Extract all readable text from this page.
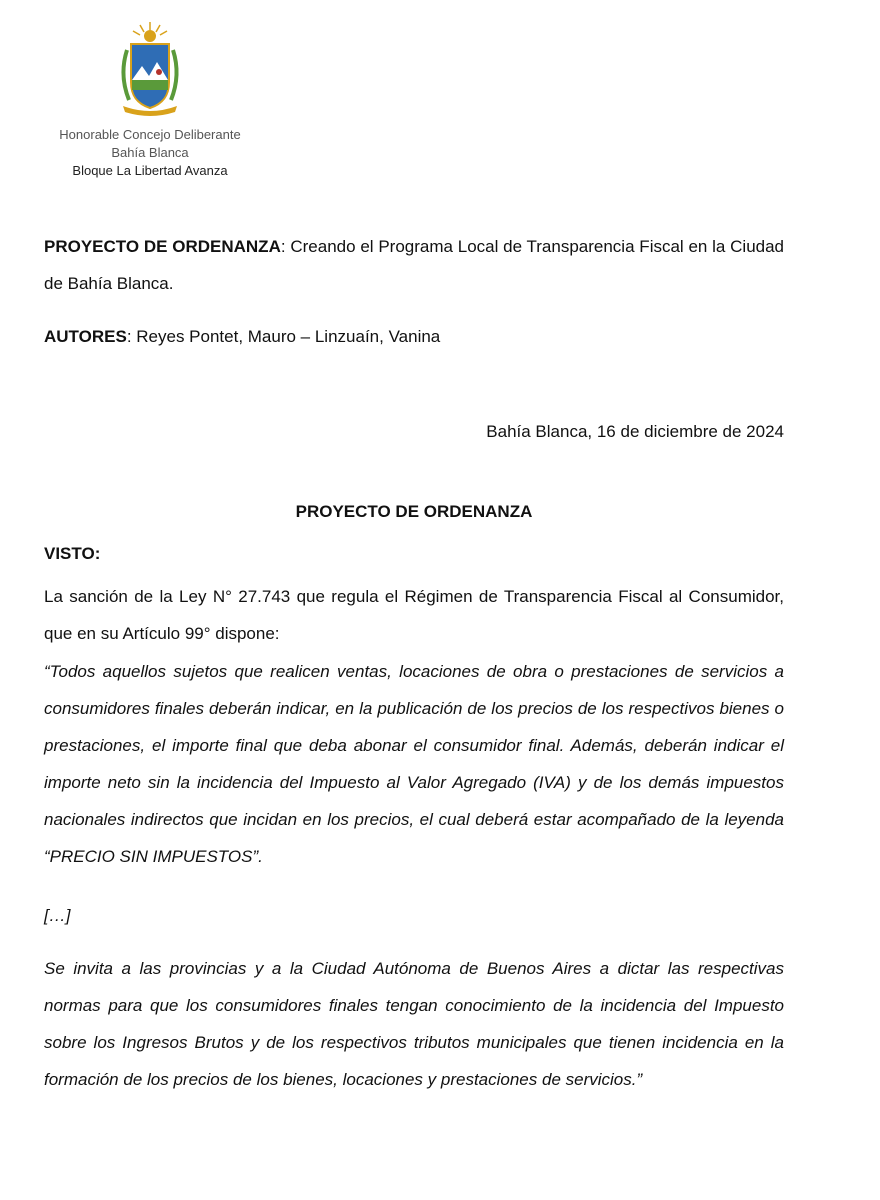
Honorable Concejo Deliberante

Bahía Blanca

Bloque La Libertad Avanza

PROYECTO DE ORDENANZA: Creando el Programa Local de Transparencia Fiscal en la Ciudad de Bahía Blanca.

AUTORES: Reyes Pontet, Mauro – Linzuaín, Vanina

Bahía Blanca, 16 de diciembre de 2024

PROYECTO DE ORDENANZA

VISTO:

La sanción de la Ley N° 27.743 que regula el Régimen de Transparencia Fiscal al Consumidor, que en su Artículo 99° dispone:

“Todos aquellos sujetos que realicen ventas, locaciones de obra o prestaciones de servicios a consumidores finales deberán indicar, en la publicación de los precios de los respectivos bienes o prestaciones, el importe final que deba abonar el consumidor final. Además, deberán indicar el importe neto sin la incidencia del Impuesto al Valor Agregado (IVA) y de los demás impuestos nacionales indirectos que incidan en los precios, el cual deberá estar acompañado de la leyenda “PRECIO SIN IMPUESTOS”.

[…]

Se invita a las provincias y a la Ciudad Autónoma de Buenos Aires a dictar las respectivas normas para que los consumidores finales tengan conocimiento de la incidencia del Impuesto sobre los Ingresos Brutos y de los respectivos tributos municipales que tienen incidencia en la formación de los precios de los bienes, locaciones y prestaciones de servicios.”
